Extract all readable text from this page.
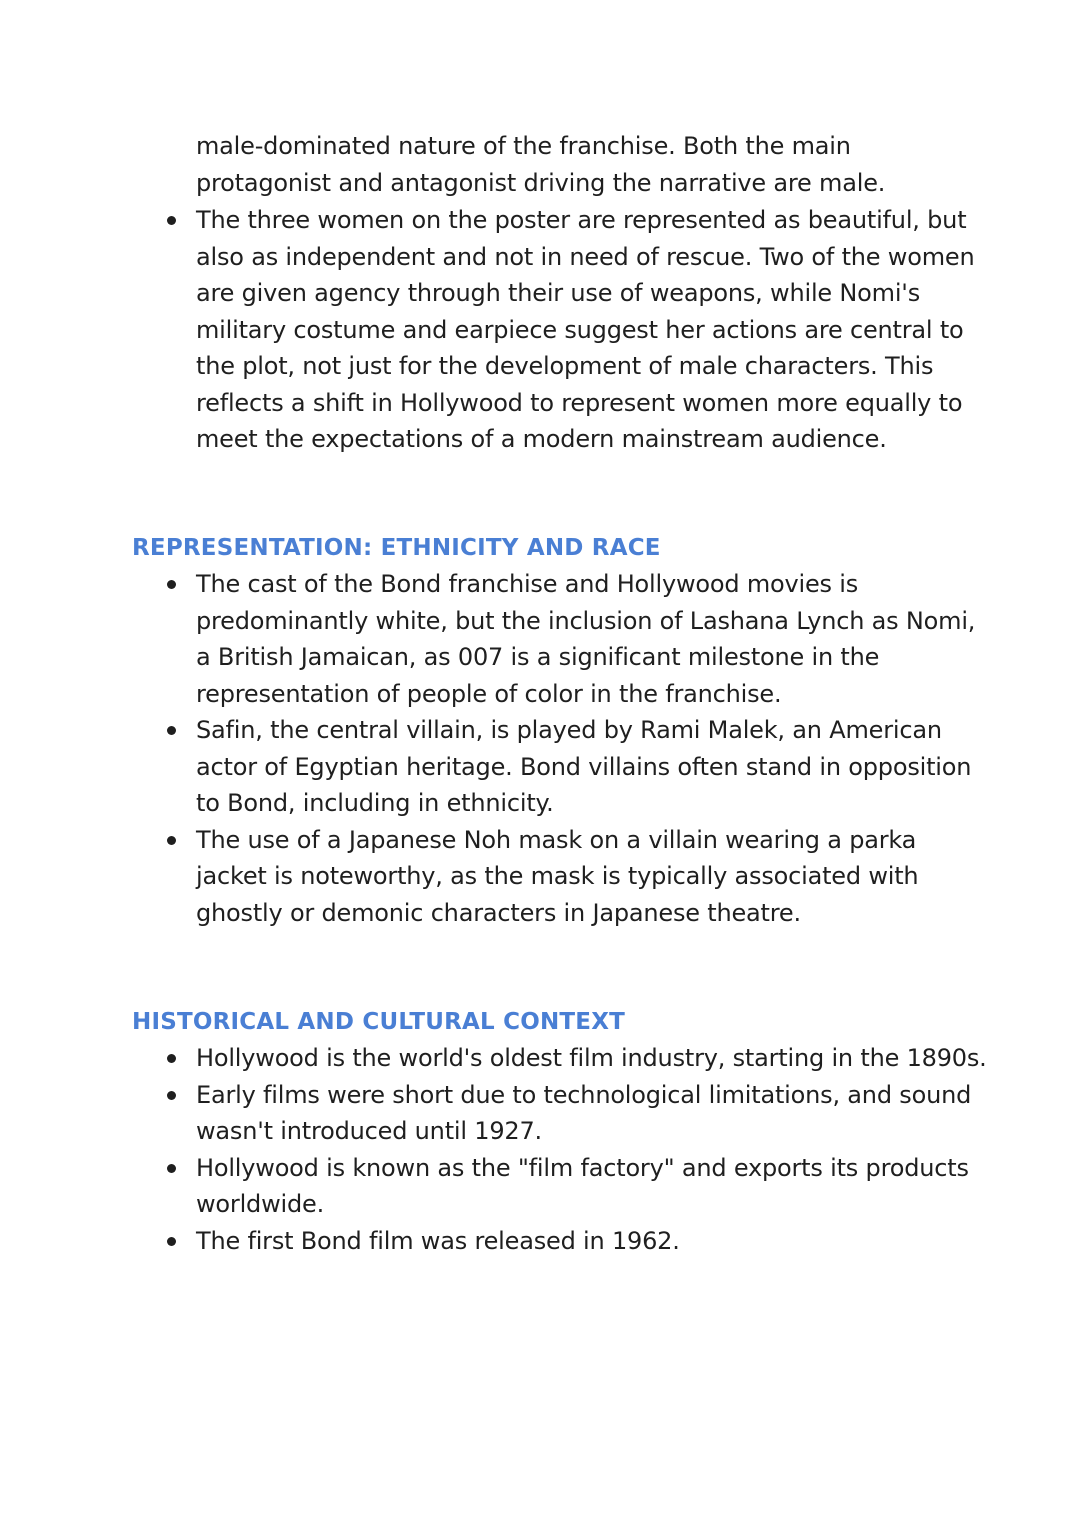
male-dominated nature of the franchise. Both the main protagonist and antagonist driving the narrative are male.

The three women on the poster are represented as beautiful, but also as independent and not in need of rescue. Two of the women are given agency through their use of weapons, while Nomi's military costume and earpiece suggest her actions are central to the plot, not just for the development of male characters. This reflects a shift in Hollywood to represent women more equally to meet the expectations of a modern mainstream audience.
REPRESENTATION: ETHNICITY AND RACE
The cast of the Bond franchise and Hollywood movies is predominantly white, but the inclusion of Lashana Lynch as Nomi, a British Jamaican, as 007 is a significant milestone in the representation of people of color in the franchise.
Safin, the central villain, is played by Rami Malek, an American actor of Egyptian heritage. Bond villains often stand in opposition to Bond, including in ethnicity.
The use of a Japanese Noh mask on a villain wearing a parka jacket is noteworthy, as the mask is typically associated with ghostly or demonic characters in Japanese theatre.
HISTORICAL AND CULTURAL CONTEXT
Hollywood is the world's oldest film industry, starting in the 1890s.
Early films were short due to technological limitations, and sound wasn't introduced until 1927.
Hollywood is known as the "film factory" and exports its products worldwide.
The first Bond film was released in 1962.
